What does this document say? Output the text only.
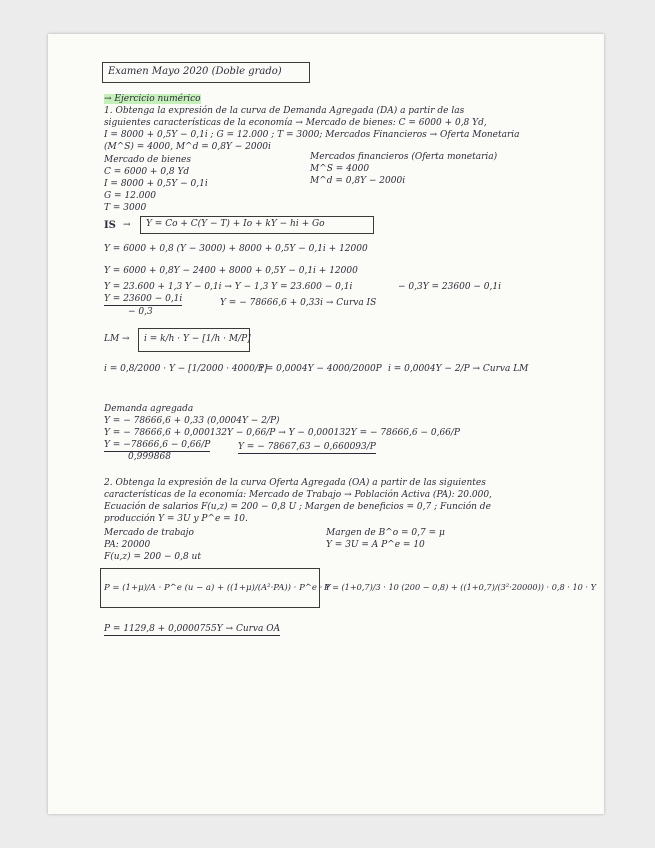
Examen Mayo 2020 (Doble grado)
→ Ejercicio numérico
1. Obtenga la expresión de la curva de Demanda Agregada (DA) a partir de las
siguientes características de la economía → Mercado de bienes: C = 6000 + 0,8 Yd,
I = 8000 + 0,5Y − 0,1i ; G = 12.000 ; T = 3000; Mercados Financieros → Oferta Monetaria
(M^S) = 4000, M^d = 0,8Y − 2000i
Mercado de bienes
C = 6000 + 0,8 Yd
I = 8000 + 0,5Y − 0,1i
G = 12.000
T = 3000
Mercados financieros (Oferta monetaria)
M^S = 4000
M^d = 0,8Y − 2000i
IS → Y = Co + C(Y − T) + Io + kY − hi + Go
Y = 6000 + 0,8 (Y − 3000) + 8000 + 0,5Y − 0,1i + 12000
Y = 6000 + 0,8Y − 2400 + 8000 + 0,5Y − 0,1i + 12000
Y = 23.600 + 1,3 Y − 0,1i → Y − 1,3 Y = 23.600 − 0,1i	− 0,3Y = 23600 − 0,1i
Y = 23600 − 0,1i
− 0,3
Y = − 78666,6 + 0,33i → Curva IS
LM → i = k/h · Y − [1/h · M/P]
i = 0,8/2000 · Y − [1/2000 · 4000/P]
i = 0,0004Y − 4000/2000P i = 0,0004Y − 2/P → Curva LM
Demanda agregada
Y = − 78666,6 + 0,33 (0,0004Y − 2/P)
Y = − 78666,6 + 0,000132Y − 0,66/P → Y − 0,000132Y = − 78666,6 − 0,66/P
Y = −78666,6 − 0,66/P
0,999868
Y = − 78667,63 − 0,660093/P
2. Obtenga la expresión de la curva Oferta Agregada (OA) a partir de las siguientes
características de la economía: Mercado de Trabajo → Población Activa (PA): 20.000,
Ecuación de salarios F(u,z) = 200 − 0,8 U ; Margen de beneficios = 0,7 ; Función de
producción Y = 3U y P^e = 10.
Mercado de trabajo
PA: 20000
F(u,z) = 200 − 0,8 ut
Margen de B^o = 0,7 = μ
Y = 3U = A P^e = 10
P = (1+μ)/A · P^e (u − a) + ((1+μ)/(A²·PA)) · P^e · Y
P = (1+0,7)/3 · 10 (200 − 0,8) + ((1+0,7)/(3²·20000)) · 0,8 · 10 · Y
P = 1129,8 + 0,0000755Y → Curva OA
